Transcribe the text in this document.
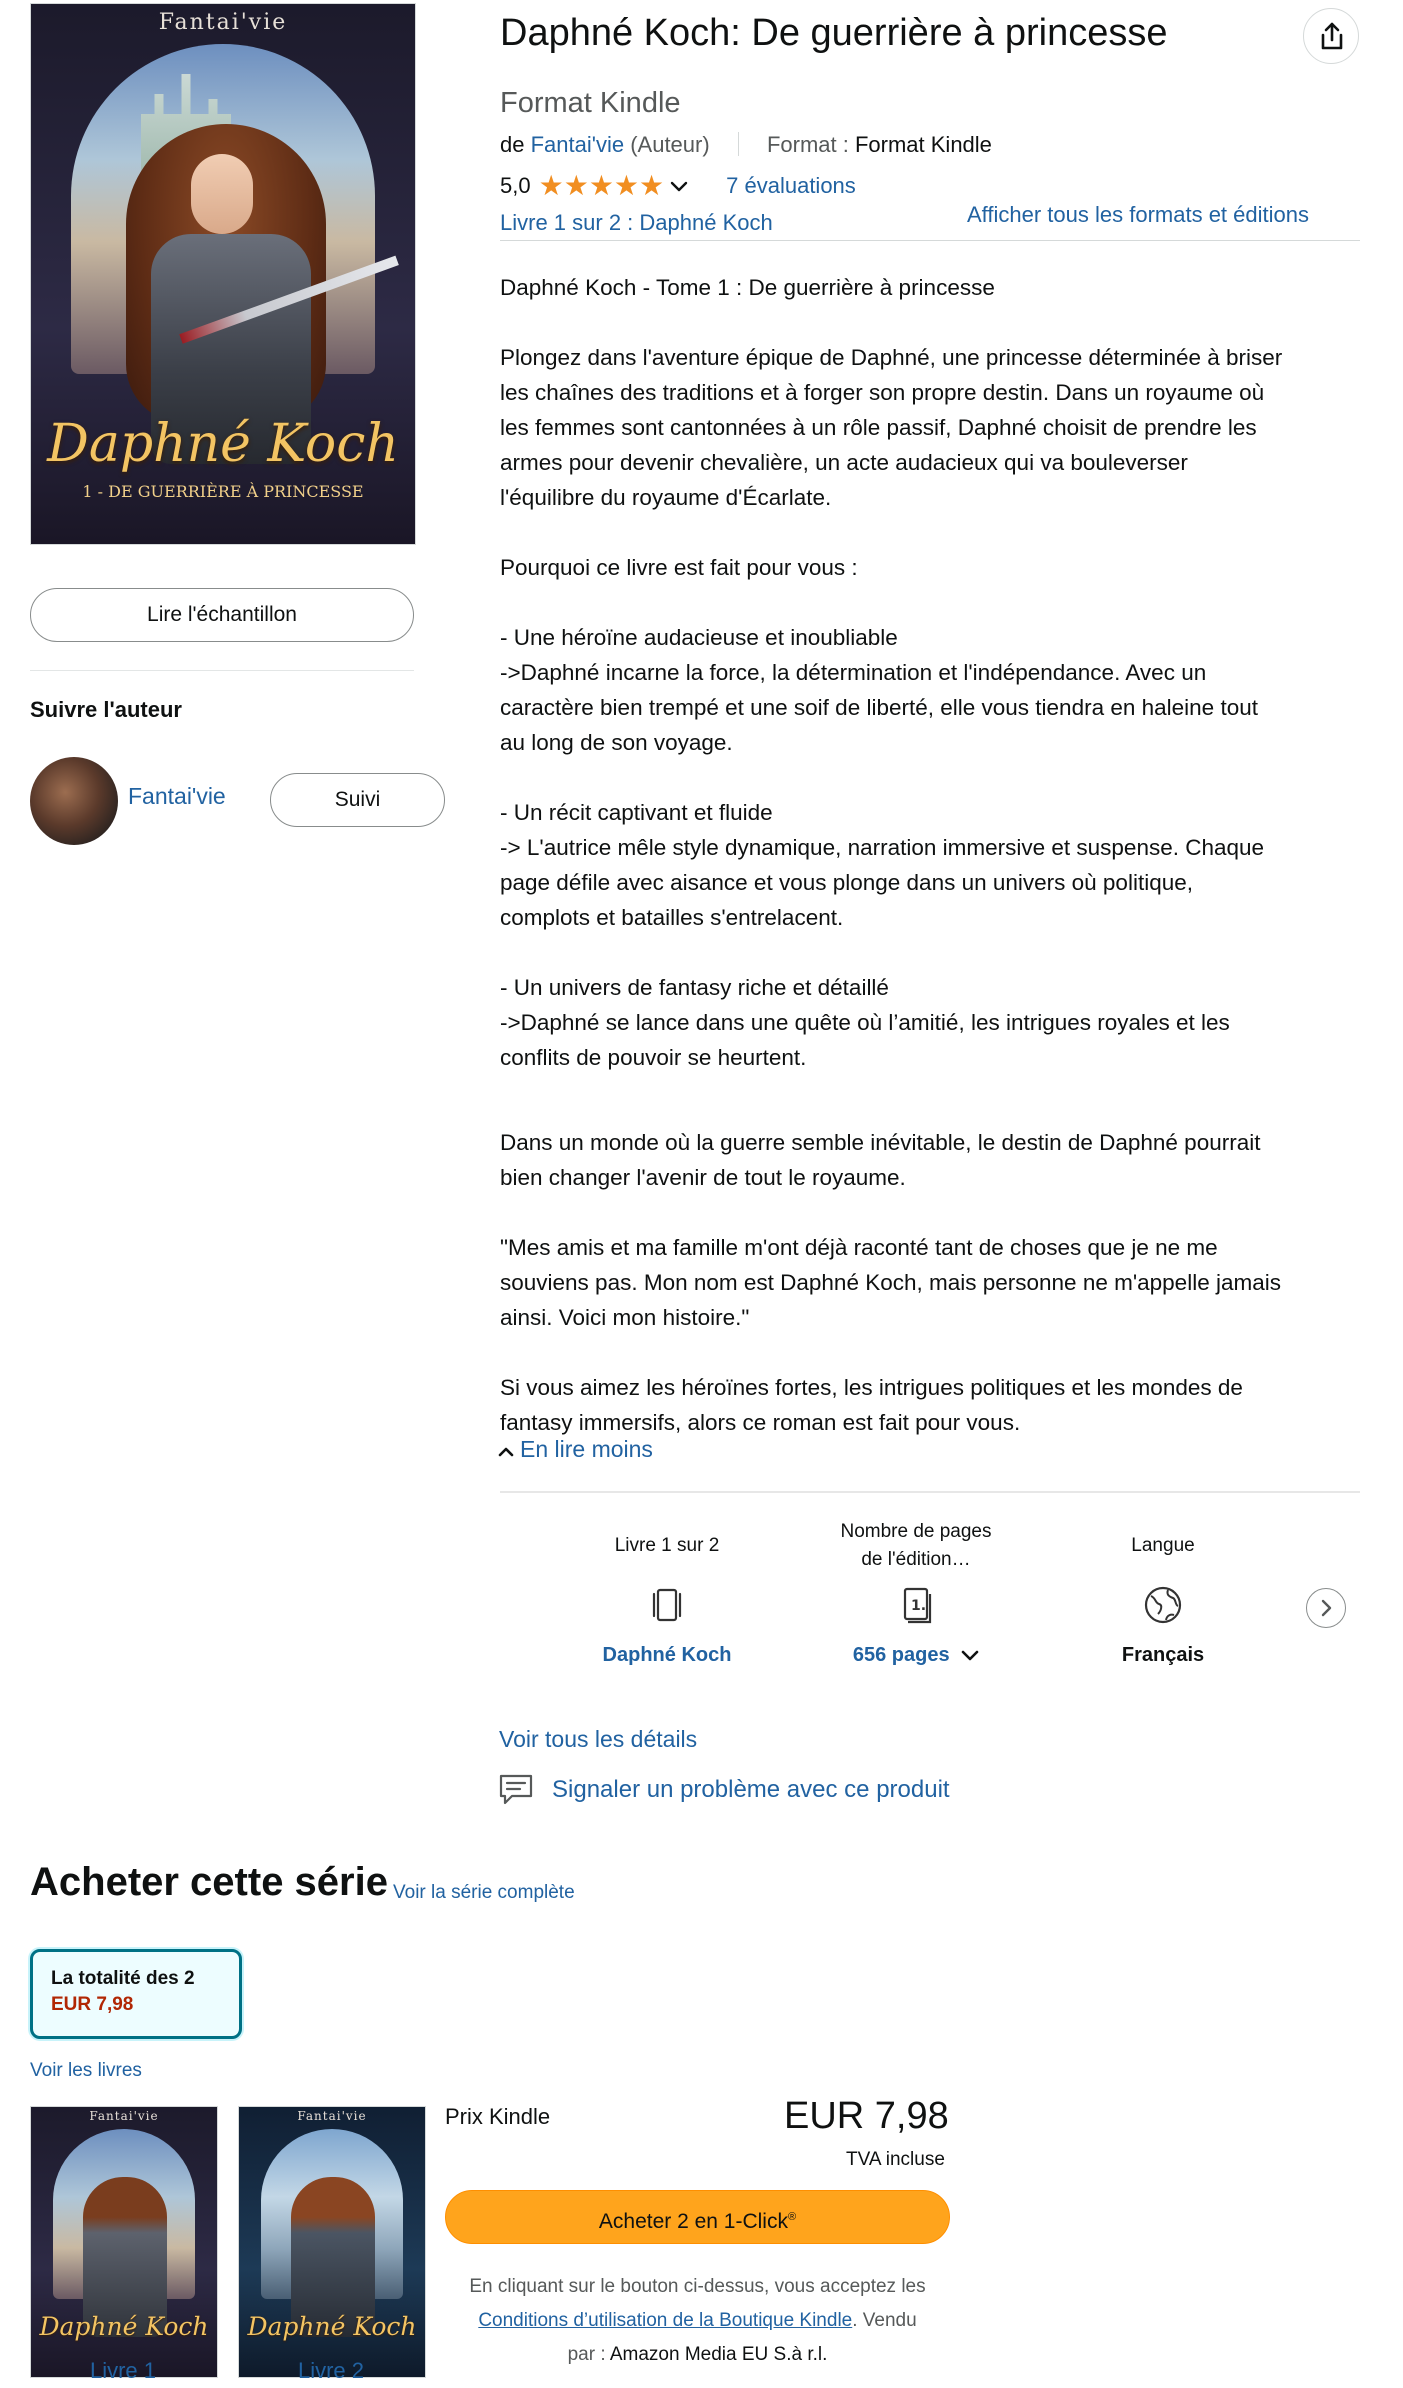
Fantai'vie
Daphné Koch
1 - DE GUERRIÈRE À PRINCESSE
Lire l'échantillon
Suivre l'auteur
Fantai'vie	Suivi
Daphné Koch: De guerrière à princesse
Format Kindle
de Fantai'vie (Auteur)	Format : Format Kindle
5,0 ★ ★ ★ ★ ★	7 évaluations
Livre 1 sur 2 : Daphné Koch	Afficher tous les formats et éditions

Daphné Koch - Tome 1 : De guerrière à princesse

Plongez dans l'aventure épique de Daphné, une princesse déterminée à briser
les chaînes des traditions et à forger son propre destin. Dans un royaume où
les femmes sont cantonnées à un rôle passif, Daphné choisit de prendre les
armes pour devenir chevalière, un acte audacieux qui va bouleverser
l'équilibre du royaume d'Écarlate.

Pourquoi ce livre est fait pour vous :

- Une héroïne audacieuse et inoubliable
->Daphné incarne la force, la détermination et l'indépendance. Avec un
caractère bien trempé et une soif de liberté, elle vous tiendra en haleine tout
au long de son voyage.

- Un récit captivant et fluide
-> L'autrice mêle style dynamique, narration immersive et suspense. Chaque
page défile avec aisance et vous plonge dans un univers où politique,
complots et batailles s'entrelacent.

- Un univers de fantasy riche et détaillé
->Daphné se lance dans une quête où l’amitié, les intrigues royales et les
conflits de pouvoir se heurtent.

Dans un monde où la guerre semble inévitable, le destin de Daphné pourrait
bien changer l'avenir de tout le royaume.

"Mes amis et ma famille m'ont déjà raconté tant de choses que je ne me
souviens pas. Mon nom est Daphné Koch, mais personne ne m'appelle jamais
ainsi. Voici mon histoire."

Si vous aimez les héroïnes fortes, les intrigues politiques et les mondes de
fantasy immersifs, alors ce roman est fait pour vous.

En lire moins
Livre 1 sur 2
Daphné Koch
Nombre de pages
de l'édition…
1.
656 pages
Langue
Français
Voir tous les détails
Signaler un problème avec ce produit
Acheter cette série Voir la série complète
La totalité des 2
EUR 7,98
Voir les livres
Fantai'vie
Daphné Koch
Fantai'vie
Daphné Koch
Livre 1	Livre 2
Prix Kindle	EUR 7,98
TVA incluse
Acheter 2 en 1-Click®
En cliquant sur le bouton ci-dessus, vous acceptez les
Conditions d’utilisation de la Boutique Kindle. Vendu
par : Amazon Media EU S.à r.l.
